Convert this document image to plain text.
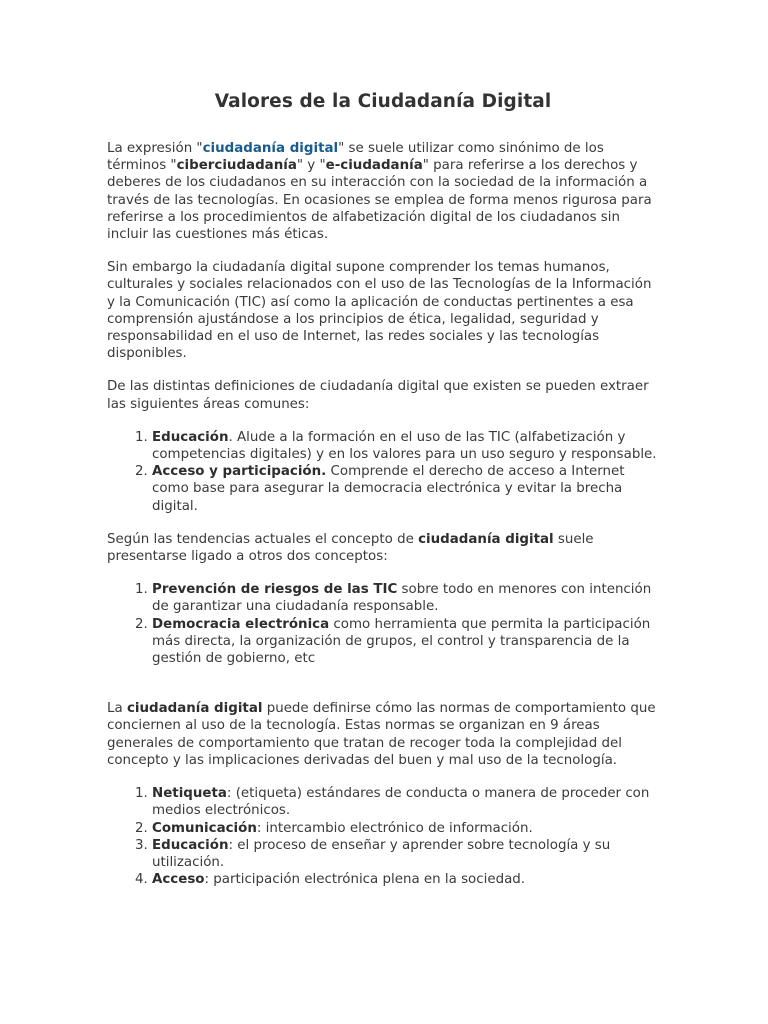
Valores de la Ciudadanía Digital

La expresión "ciudadanía digital" se suele utilizar como sinónimo de los términos "ciberciudadanía" y "e-ciudadanía" para referirse a los derechos y deberes de los ciudadanos en su interacción con la sociedad de la información a través de las tecnologías. En ocasiones se emplea de forma menos rigurosa para referirse a los procedimientos de alfabetización digital de los ciudadanos sin incluir las cuestiones más éticas.

Sin embargo la ciudadanía digital supone comprender los temas humanos, culturales y sociales relacionados con el uso de las Tecnologías de la Información y la Comunicación (TIC) así como la aplicación de conductas pertinentes a esa comprensión ajustándose a los principios de ética, legalidad, seguridad y responsabilidad en el uso de Internet, las redes sociales y las tecnologías disponibles.

De las distintas definiciones de ciudadanía digital que existen se pueden extraer las siguientes áreas comunes:

1. Educación. Alude a la formación en el uso de las TIC (alfabetización y competencias digitales) y en los valores para un uso seguro y responsable.
2. Acceso y participación. Comprende el derecho de acceso a Internet como base para asegurar la democracia electrónica y evitar la brecha digital.

Según las tendencias actuales el concepto de ciudadanía digital suele presentarse ligado a otros dos conceptos:

1. Prevención de riesgos de las TIC sobre todo en menores con intención de garantizar una ciudadanía responsable.
2. Democracia electrónica como herramienta que permita la participación más directa, la organización de grupos, el control y transparencia de la gestión de gobierno, etc

La ciudadanía digital puede definirse cómo las normas de comportamiento que conciernen al uso de la tecnología. Estas normas se organizan en 9 áreas generales de comportamiento que tratan de recoger toda la complejidad del concepto y las implicaciones derivadas del buen y mal uso de la tecnología.

1. Netiqueta: (etiqueta) estándares de conducta o manera de proceder con medios electrónicos.
2. Comunicación: intercambio electrónico de información.
3. Educación: el proceso de enseñar y aprender sobre tecnología y su utilización.
4. Acceso: participación electrónica plena en la sociedad.
